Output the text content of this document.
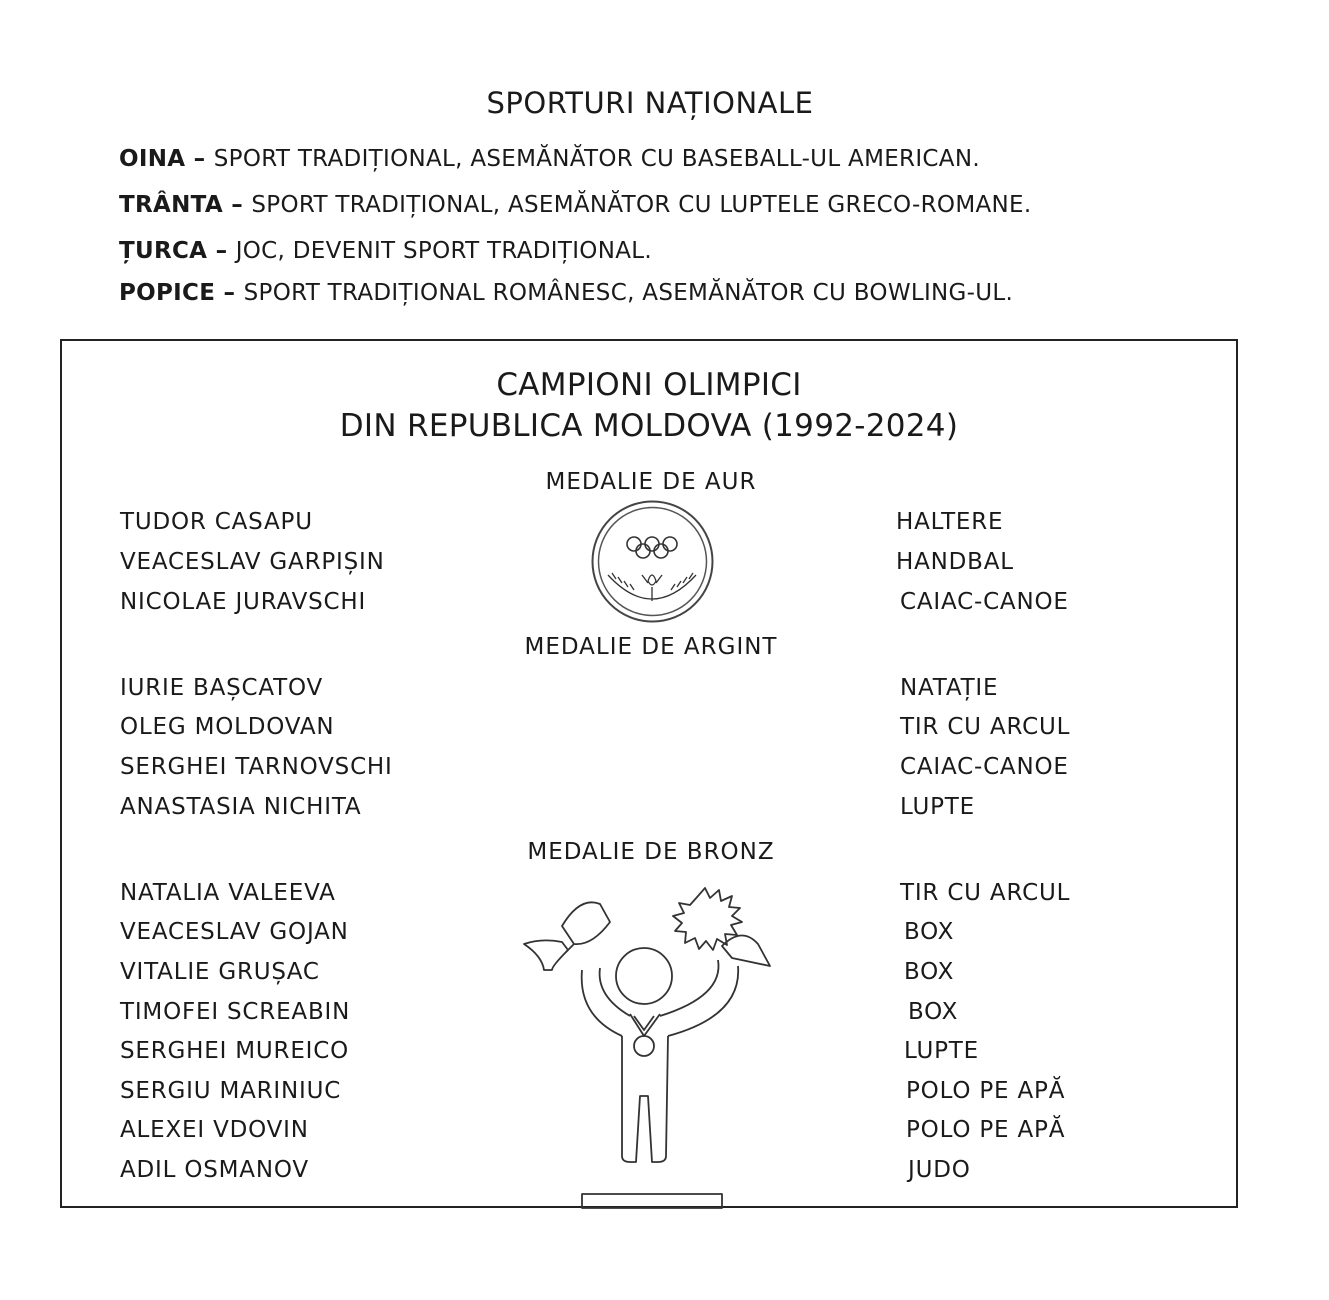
SPORTURI NAȚIONALE
OINA – SPORT TRADIȚIONAL, ASEMĂNĂTOR CU BASEBALL-UL AMERICAN.
TRÂNTA – SPORT TRADIȚIONAL, ASEMĂNĂTOR CU LUPTELE GRECO-ROMANE.
ȚURCA – JOC, DEVENIT SPORT TRADIȚIONAL.
POPICE – SPORT TRADIȚIONAL ROMÂNESC, ASEMĂNĂTOR CU BOWLING-UL.
CAMPIONI OLIMPICI
DIN REPUBLICA MOLDOVA (1992-2024)
MEDALIE DE AUR
TUDOR CASAPU	HALTERE
VEACESLAV GARPIȘIN	HANDBAL
NICOLAE JURAVSCHI	CAIAC-CANOE
MEDALIE DE ARGINT
IURIE BAȘCATOV	NATAȚIE
OLEG MOLDOVAN	TIR CU ARCUL
SERGHEI TARNOVSCHI	CAIAC-CANOE
ANASTASIA NICHITA	LUPTE
MEDALIE DE BRONZ
NATALIA VALEEVA	TIR CU ARCUL
VEACESLAV GOJAN	BOX
VITALIE GRUȘAC	BOX
TIMOFEI SCREABIN	BOX
SERGHEI MUREICO	LUPTE
SERGIU MARINIUC	POLO PE APĂ
ALEXEI VDOVIN	POLO PE APĂ
ADIL OSMANOV	JUDO
